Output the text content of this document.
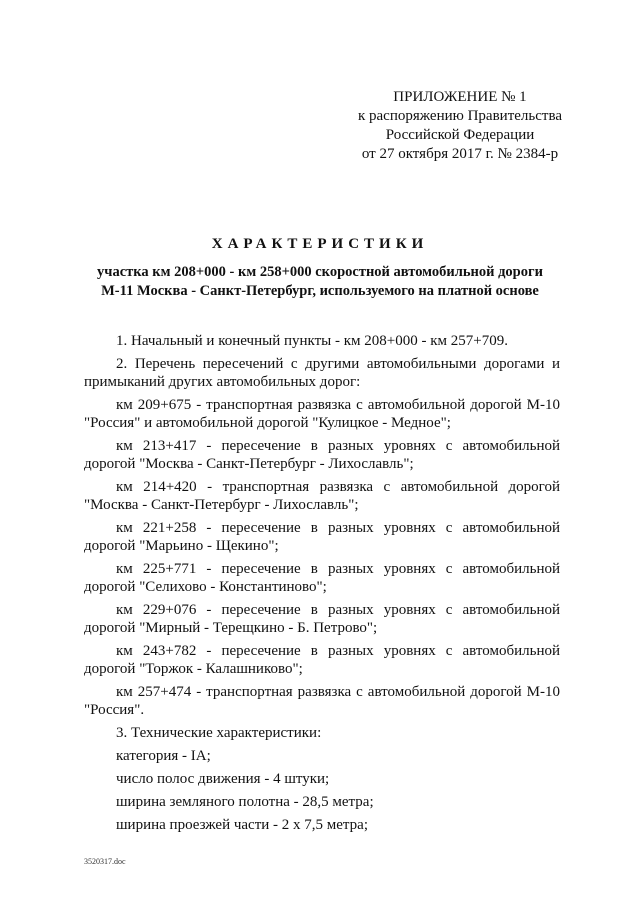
ПРИЛОЖЕНИЕ № 1
к распоряжению Правительства
Российской Федерации
от 27 октября 2017 г. № 2384-р
ХАРАКТЕРИСТИКИ
участка км 208+000 - км 258+000 скоростной автомобильной дороги
М-11 Москва - Санкт-Петербург, используемого на платной основе

1. Начальный и конечный пункты - км 208+000 - км 257+709.

2. Перечень пересечений с другими автомобильными дорогами и примыканий других автомобильных дорог:

км 209+675 - транспортная развязка с автомобильной дорогой М-10 "Россия" и автомобильной дорогой "Кулицкое - Медное";

км 213+417 - пересечение в разных уровнях с автомобильной дорогой "Москва - Санкт-Петербург - Лихославль";

км 214+420 - транспортная развязка с автомобильной дорогой "Москва - Санкт-Петербург - Лихославль";

км 221+258 - пересечение в разных уровнях с автомобильной дорогой "Марьино - Щекино";

км 225+771 - пересечение в разных уровнях с автомобильной дорогой "Селихово - Константиново";

км 229+076 - пересечение в разных уровнях с автомобильной дорогой "Мирный - Терещкино - Б. Петрово";

км 243+782 - пересечение в разных уровнях с автомобильной дорогой "Торжок - Калашниково";

км 257+474 - транспортная развязка с автомобильной дорогой М-10 "Россия".

3. Технические характеристики:

категория - IA;

число полос движения - 4 штуки;

ширина земляного полотна - 28,5 метра;

ширина проезжей части - 2 х 7,5 метра;

3520317.doc
